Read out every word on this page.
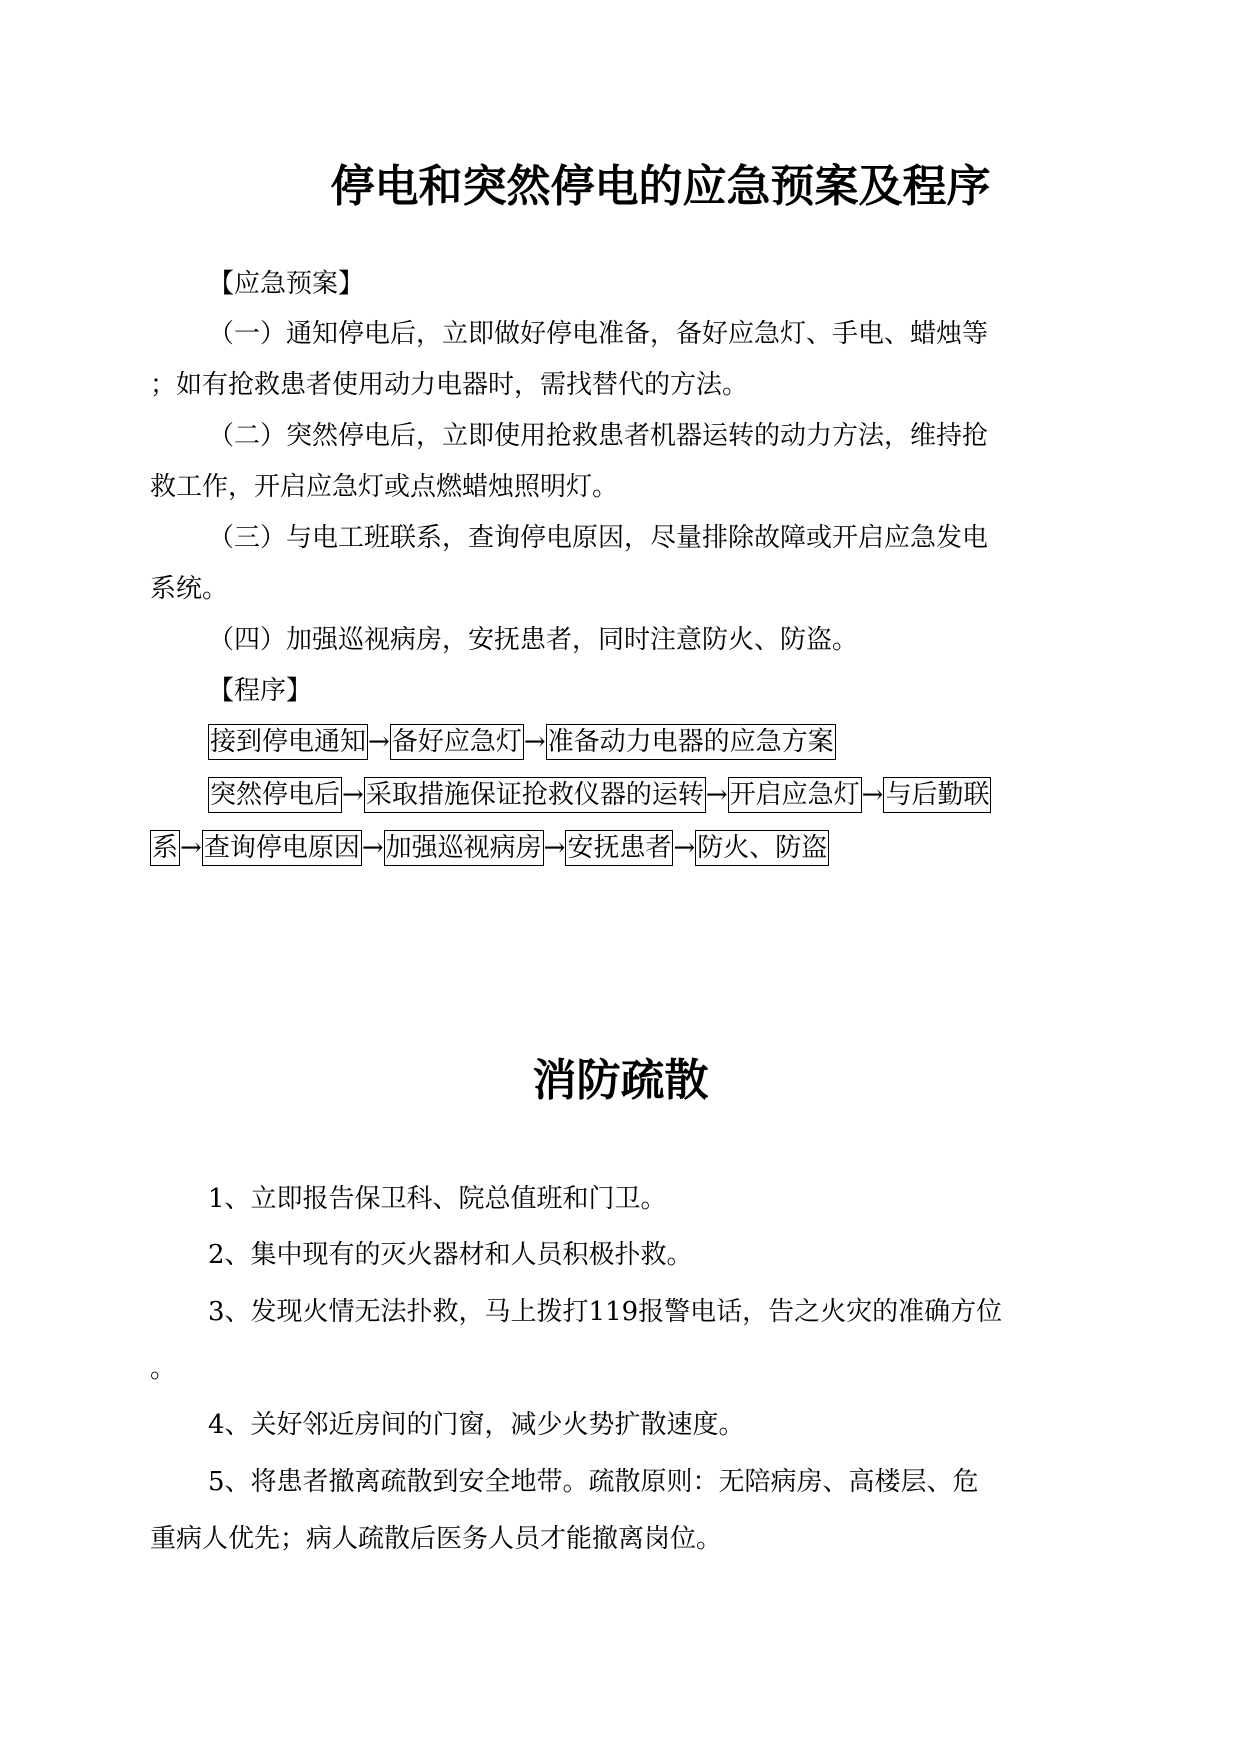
停电和突然停电的应急预案及程序
【应急预案】
（一）通知停电后，立即做好停电准备，备好应急灯、手电、蜡烛等
；如有抢救患者使用动力电器时，需找替代的方法。
（二）突然停电后，立即使用抢救患者机器运转的动力方法，维持抢
救工作，开启应急灯或点燃蜡烛照明灯。
（三）与电工班联系，查询停电原因，尽量排除故障或开启应急发电
系统。
（四）加强巡视病房，安抚患者，同时注意防火、防盗。
【程序】
接到停电通知→备好应急灯→准备动力电器的应急方案
突然停电后→采取措施保证抢救仪器的运转→开启应急灯→与后勤联
系→查询停电原因→加强巡视病房→安抚患者→防火、防盗
消防疏散
1、立即报告保卫科、院总值班和门卫。
2、集中现有的灭火器材和人员积极扑救。
3、发现火情无法扑救，马上拨打119报警电话，告之火灾的准确方位
。
4、关好邻近房间的门窗，减少火势扩散速度。
5、将患者撤离疏散到安全地带。疏散原则：无陪病房、高楼层、危
重病人优先；病人疏散后医务人员才能撤离岗位。
